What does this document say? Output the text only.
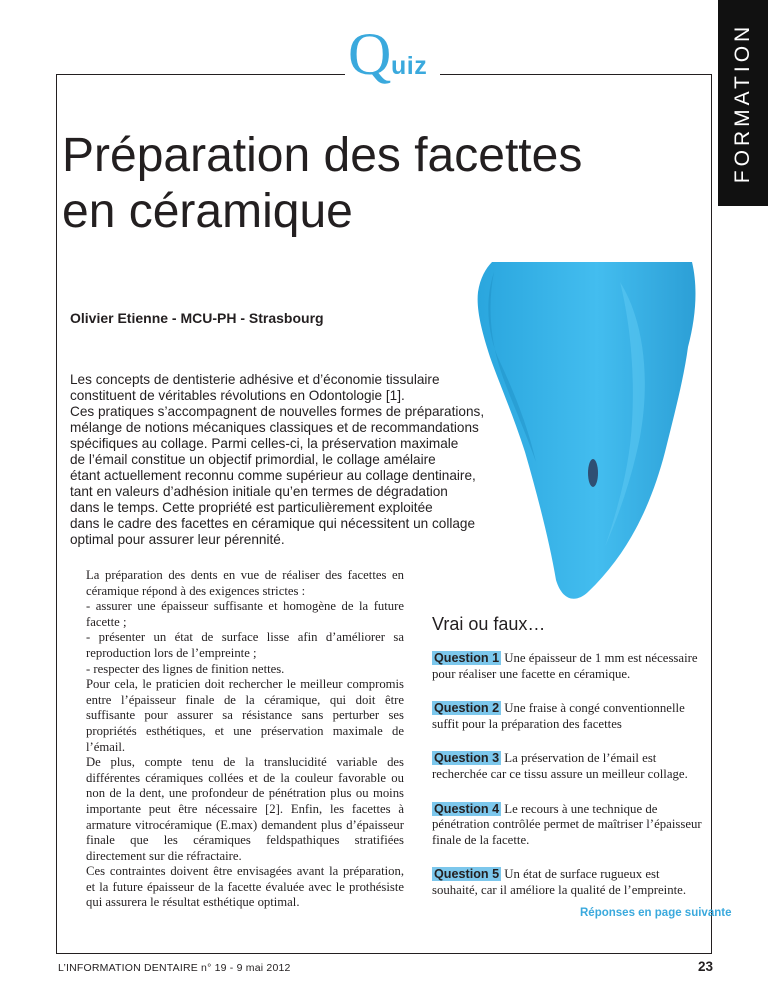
Q uiz	FORMATION
Préparation des facettes
en céramique
Olivier Etienne - MCU-PH - Strasbourg

Les concepts de dentisterie adhésive et d’économie tissulaire

constituent de véritables révolutions en Odontologie [1].

Ces pratiques s’accompagnent de nouvelles formes de préparations,

mélange de notions mécaniques classiques et de recommandations

spécifiques au collage. Parmi celles-ci, la préservation maximale

de l’émail constitue un objectif primordial, le collage amélaire

étant actuellement reconnu comme supérieur au collage dentinaire,

tant en valeurs d’adhésion initiale qu’en termes de dégradation

dans le temps. Cette propriété est particulièrement exploitée

dans le cadre des facettes en céramique qui nécessitent un collage

optimal pour assurer leur pérennité.

La préparation des dents en vue de réaliser des facettes en céramique répond à des exigences strictes :

- assurer une épaisseur suffisante et homogène de la future facette ;

- présenter un état de surface lisse afin d’améliorer sa reproduction lors de l’empreinte ;

- respecter des lignes de finition nettes.

Pour cela, le praticien doit rechercher le meilleur compromis entre l’épaisseur finale de la céramique, qui doit être suffisante pour assurer sa résistance sans perturber ses propriétés esthétiques, et une préservation maximale de l’émail.

De plus, compte tenu de la translucidité variable des différentes céramiques collées et de la couleur favorable ou non de la dent, une profondeur de pénétration plus ou moins importante peut être nécessaire [2]. Enfin, les facettes à armature vitrocéramique (E.max) demandent plus d’épaisseur finale que les céramiques feldspathiques stratifiées directement sur die réfractaire.

Ces contraintes doivent être envisagées avant la préparation, et la future épaisseur de la facette évaluée avec le prothésiste qui assurera le résultat esthétique optimal.

Vrai ou faux…

Question 1 Une épaisseur de 1 mm est nécessaire pour réaliser une facette en céramique.

Question 2 Une fraise à congé conventionnelle suffit pour la préparation des facettes

Question 3 La préservation de l’émail est recherchée car ce tissu assure un meilleur collage.

Question 4 Le recours à une technique de pénétration contrôlée permet de maîtriser l’épaisseur finale de la facette.

Question 5 Un état de surface rugueux est souhaité, car il améliore la qualité de l’empreinte.

Réponses en page suivante
L’INFORMATION DENTAIRE n° 19 - 9 mai 2012	23
